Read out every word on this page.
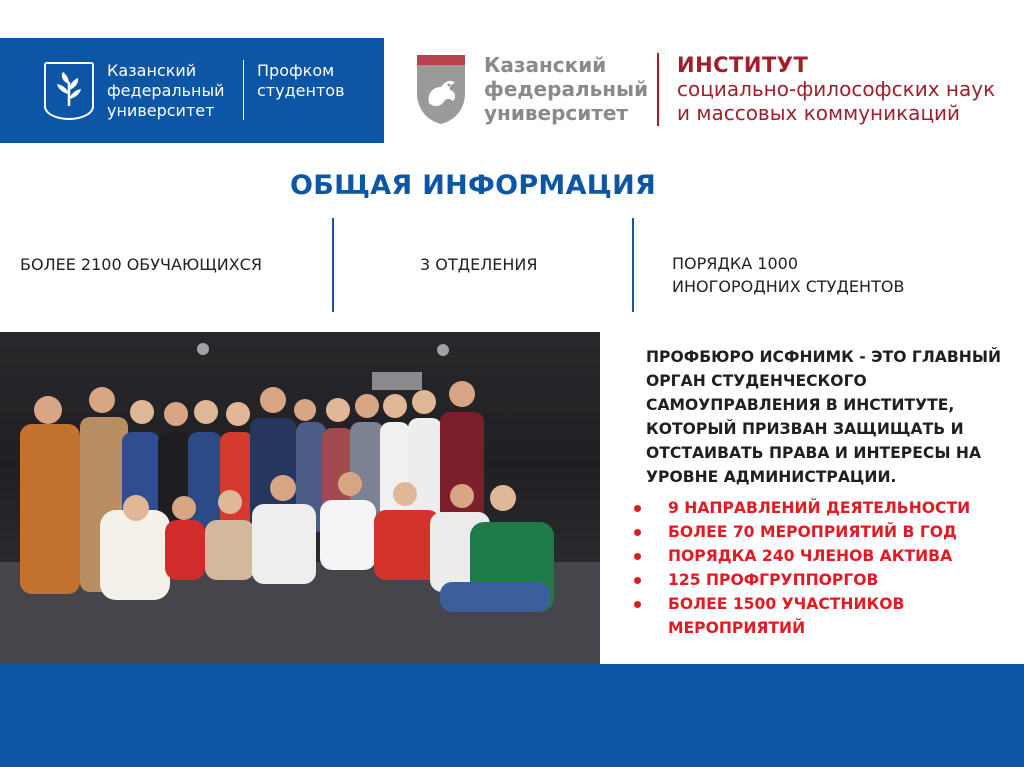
Казанский
федеральный
университет
Профком
студентов
Казанский
федеральный
университет
ИНСТИТУТ
социально-философских наук
и массовых коммуникаций
ОБЩАЯ ИНФОРМАЦИЯ
БОЛЕЕ 2100 ОБУЧАЮЩИХСЯ	3 ОТДЕЛЕНИЯ	ПОРЯДКА 1000
ИНОГОРОДНИХ СТУДЕНТОВ
ПРОФБЮРО ИСФНИМК - ЭТО ГЛАВНЫЙ
ОРГАН СТУДЕНЧЕСКОГО
САМОУПРАВЛЕНИЯ В ИНСТИТУТЕ,
КОТОРЫЙ ПРИЗВАН ЗАЩИЩАТЬ И
ОТСТАИВАТЬ ПРАВА И ИНТЕРЕСЫ НА
УРОВНЕ АДМИНИСТРАЦИИ.
9 НАПРАВЛЕНИЙ ДЕЯТЕЛЬНОСТИ
БОЛЕЕ 70 МЕРОПРИЯТИЙ В ГОД
ПОРЯДКА 240 ЧЛЕНОВ АКТИВА
125 ПРОФГРУППОРГОВ
БОЛЕЕ 1500 УЧАСТНИКОВ
МЕРОПРИЯТИЙ
